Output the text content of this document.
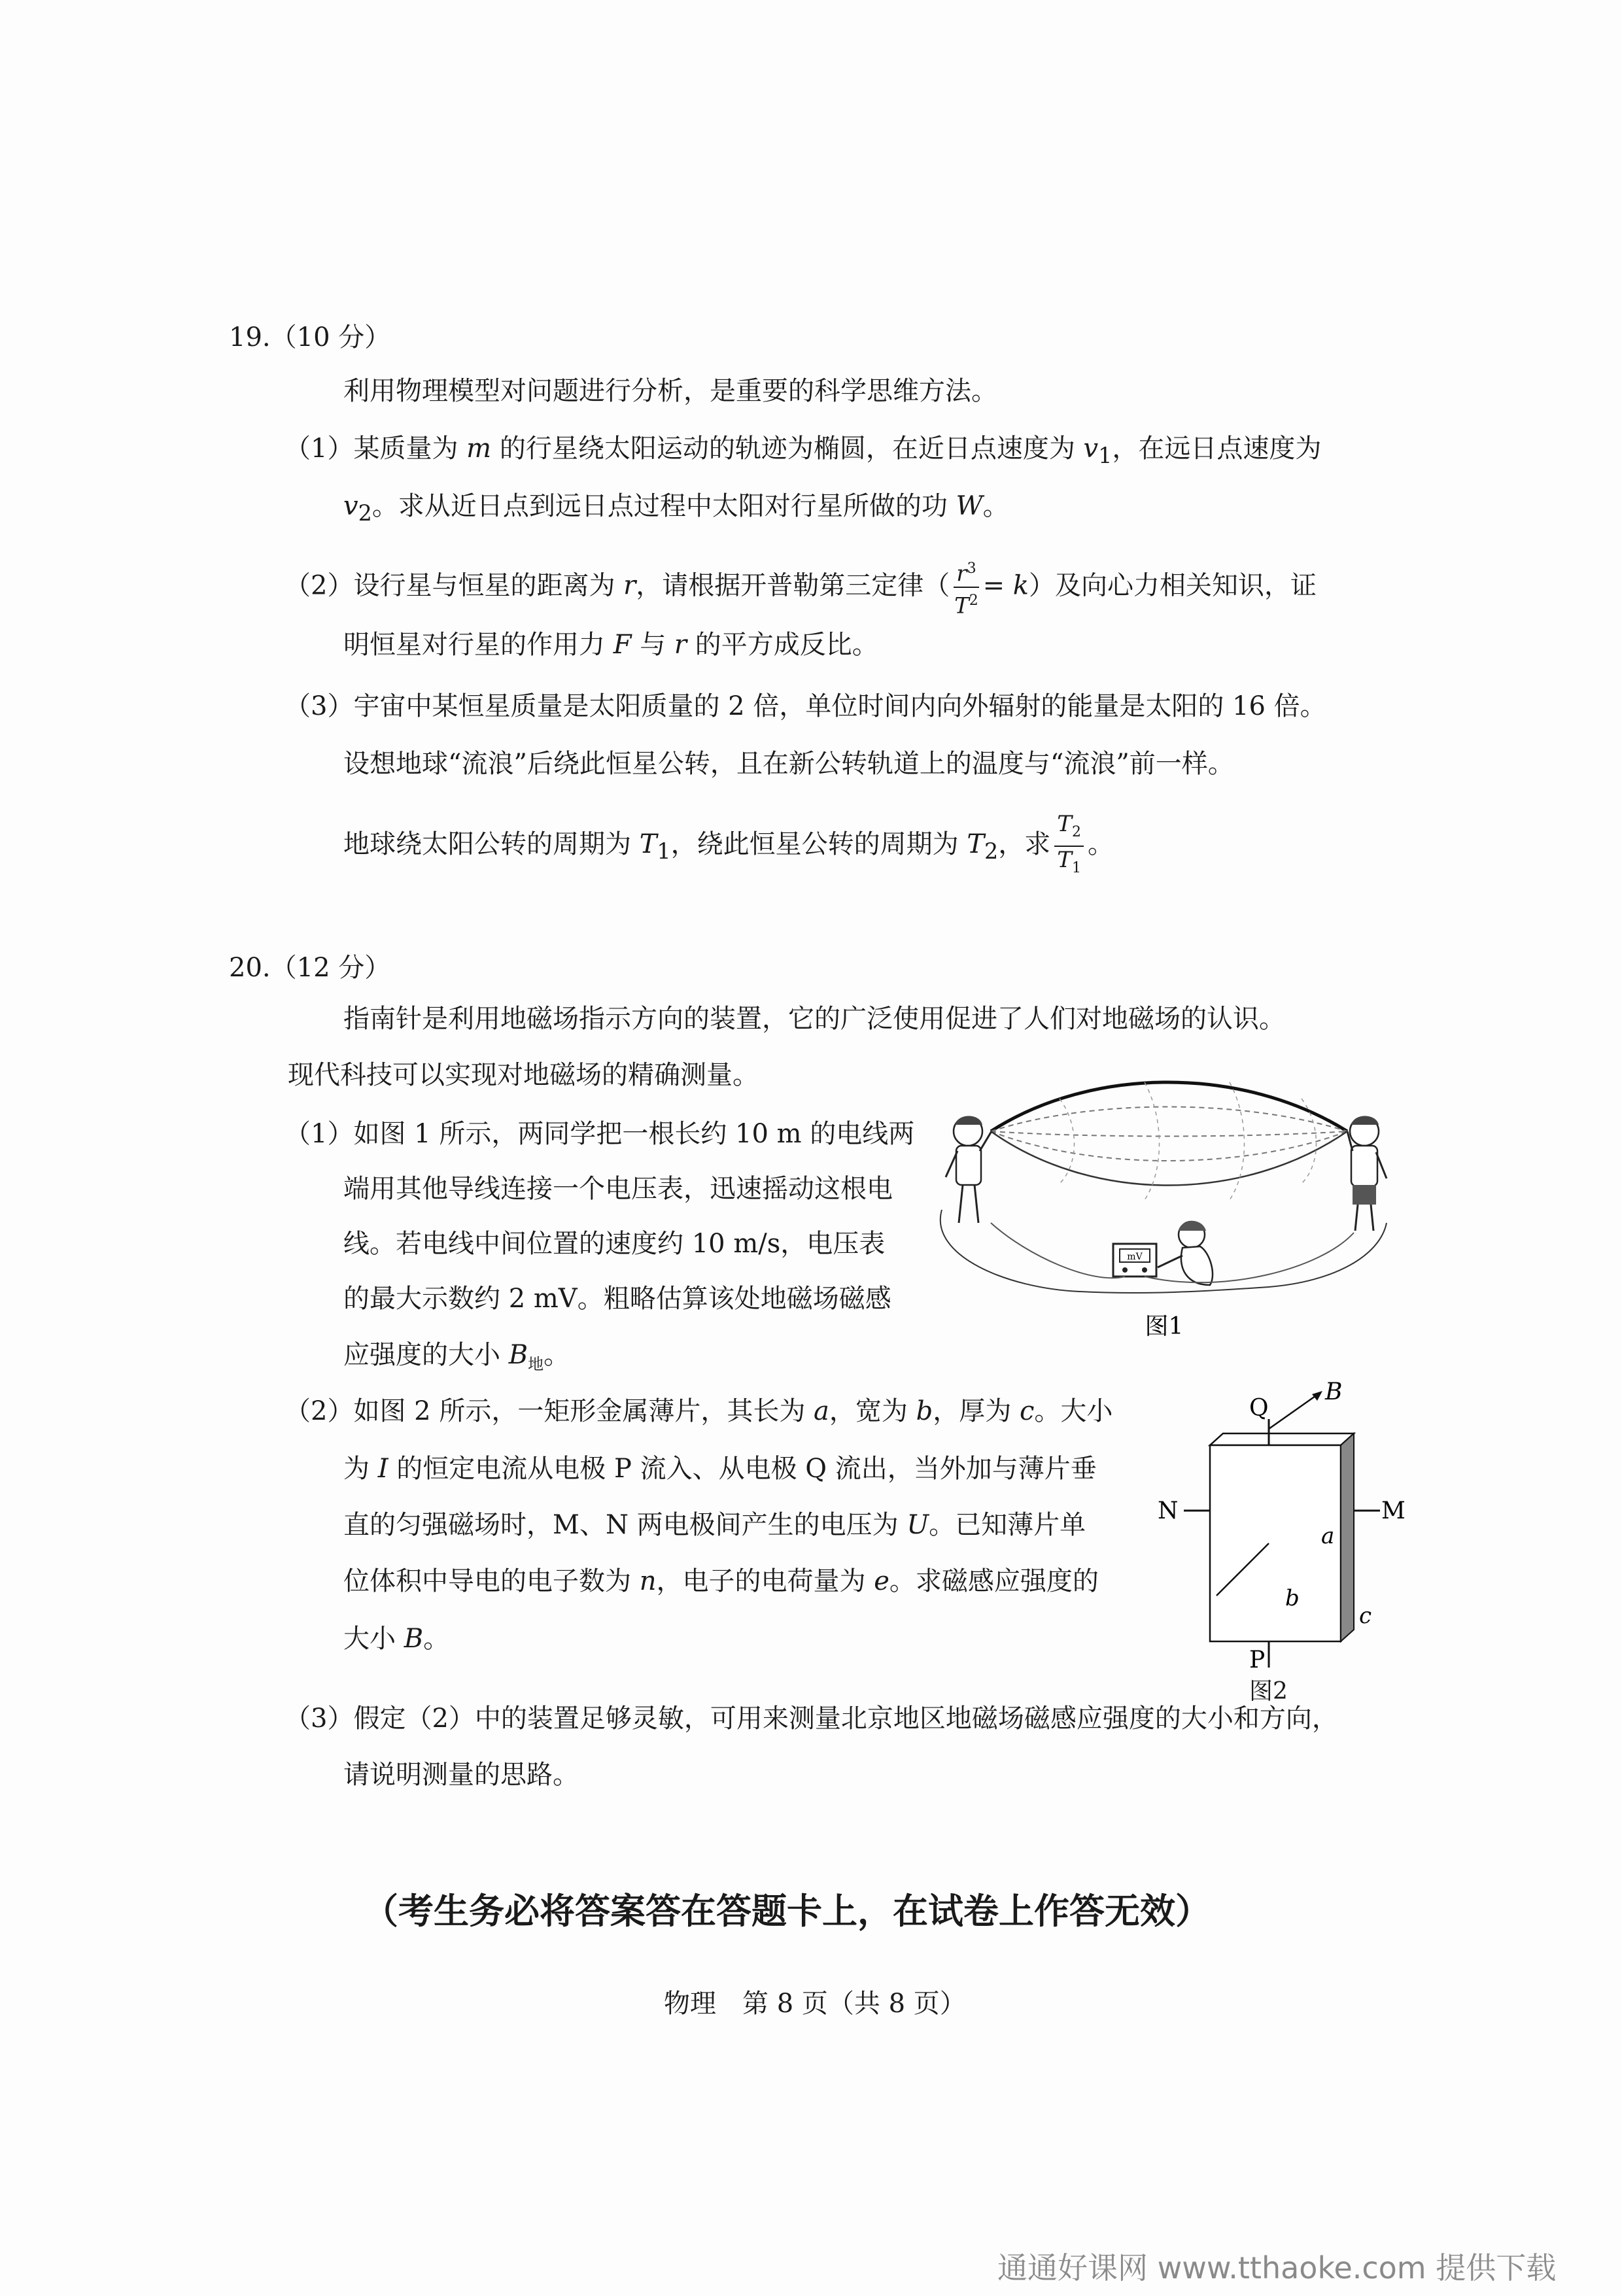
19.（10 分）
利用物理模型对问题进行分析，是重要的科学思维方法。
（1）某质量为 m 的行星绕太阳运动的轨迹为椭圆，在近日点速度为 $v_1$，在远日点速度为
$v_2$。求从近日点到远日点过程中太阳对行星所做的功 W。
（2）设行星与恒星的距离为 r，请根据开普勒第三定律（ $\frac{r^3}{T^2} = k$）及向心力相关知识，证
明恒星对行星的作用力 F 与 r 的平方成反比。
（3）宇宙中某恒星质量是太阳质量的 2 倍，单位时间内向外辐射的能量是太阳的 16 倍。
设想地球“流浪”后绕此恒星公转，且在新公转轨道上的温度与“流浪”前一样。
地球绕太阳公转的周期为 $T_1$，绕此恒星公转的周期为 $T_2$，求 $\frac{T_2}{T_1}$ 。
20.（12 分）
指南针是利用地磁场指示方向的装置，它的广泛使用促进了人们对地磁场的认识。
现代科技可以实现对地磁场的精确测量。
（1）如图 1 所示，两同学把一根长约 10 m 的电线两
端用其他导线连接一个电压表，迅速摇动这根电
线。若电线中间位置的速度约 10 m/s，电压表
的最大示数约 2 mV。粗略估算该处地磁场磁感
应强度的大小 $B_地$。
mV
图1
（2）如图 2 所示，一矩形金属薄片，其长为 a，宽为 b，厚为 c。大小
为 I 的恒定电流从电极 P 流入、从电极 Q 流出，当外加与薄片垂
直的匀强磁场时，M、N 两电极间产生的电压为 U。已知薄片单
位体积中导电的电子数为 n，电子的电荷量为 e。求磁感应强度的
大小 B。
Q
B
N	M
P
a
b
c
图2
（3）假定（2）中的装置足够灵敏，可用来测量北京地区地磁场磁感应强度的大小和方向，
请说明测量的思路。
（考生务必将答案答在答题卡上，在试卷上作答无效）
物理　第 8 页（共 8 页）
通通好课网 www.tthaoke.com 提供下载
